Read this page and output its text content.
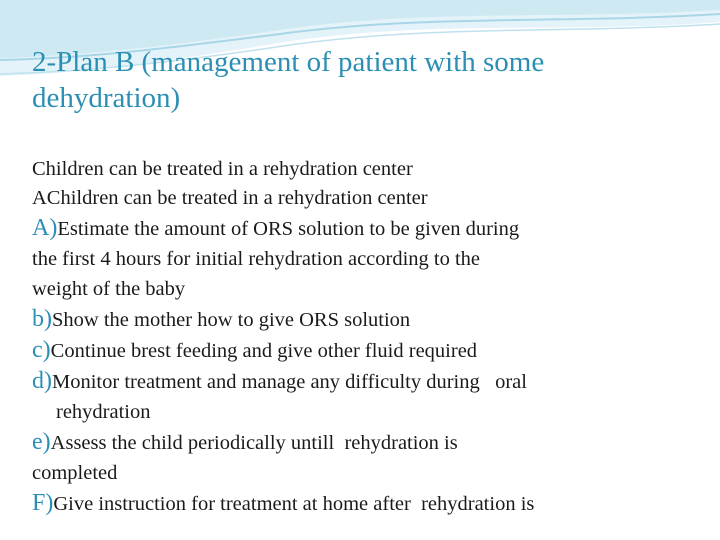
2-Plan B (management of patient with some
dehydration)
Children can be treated in a rehydration center
AChildren can be treated in a rehydration center
A)Estimate the amount of ORS solution to be given during
the first 4 hours for initial rehydration according to the
weight of the baby
b)Show the mother how to give ORS solution
c)Continue brest feeding and give other fluid required
d)Monitor treatment and manage any difficulty during   oral
rehydration
e)Assess the child periodically untill  rehydration is
completed
F)Give instruction for treatment at home after  rehydration is
